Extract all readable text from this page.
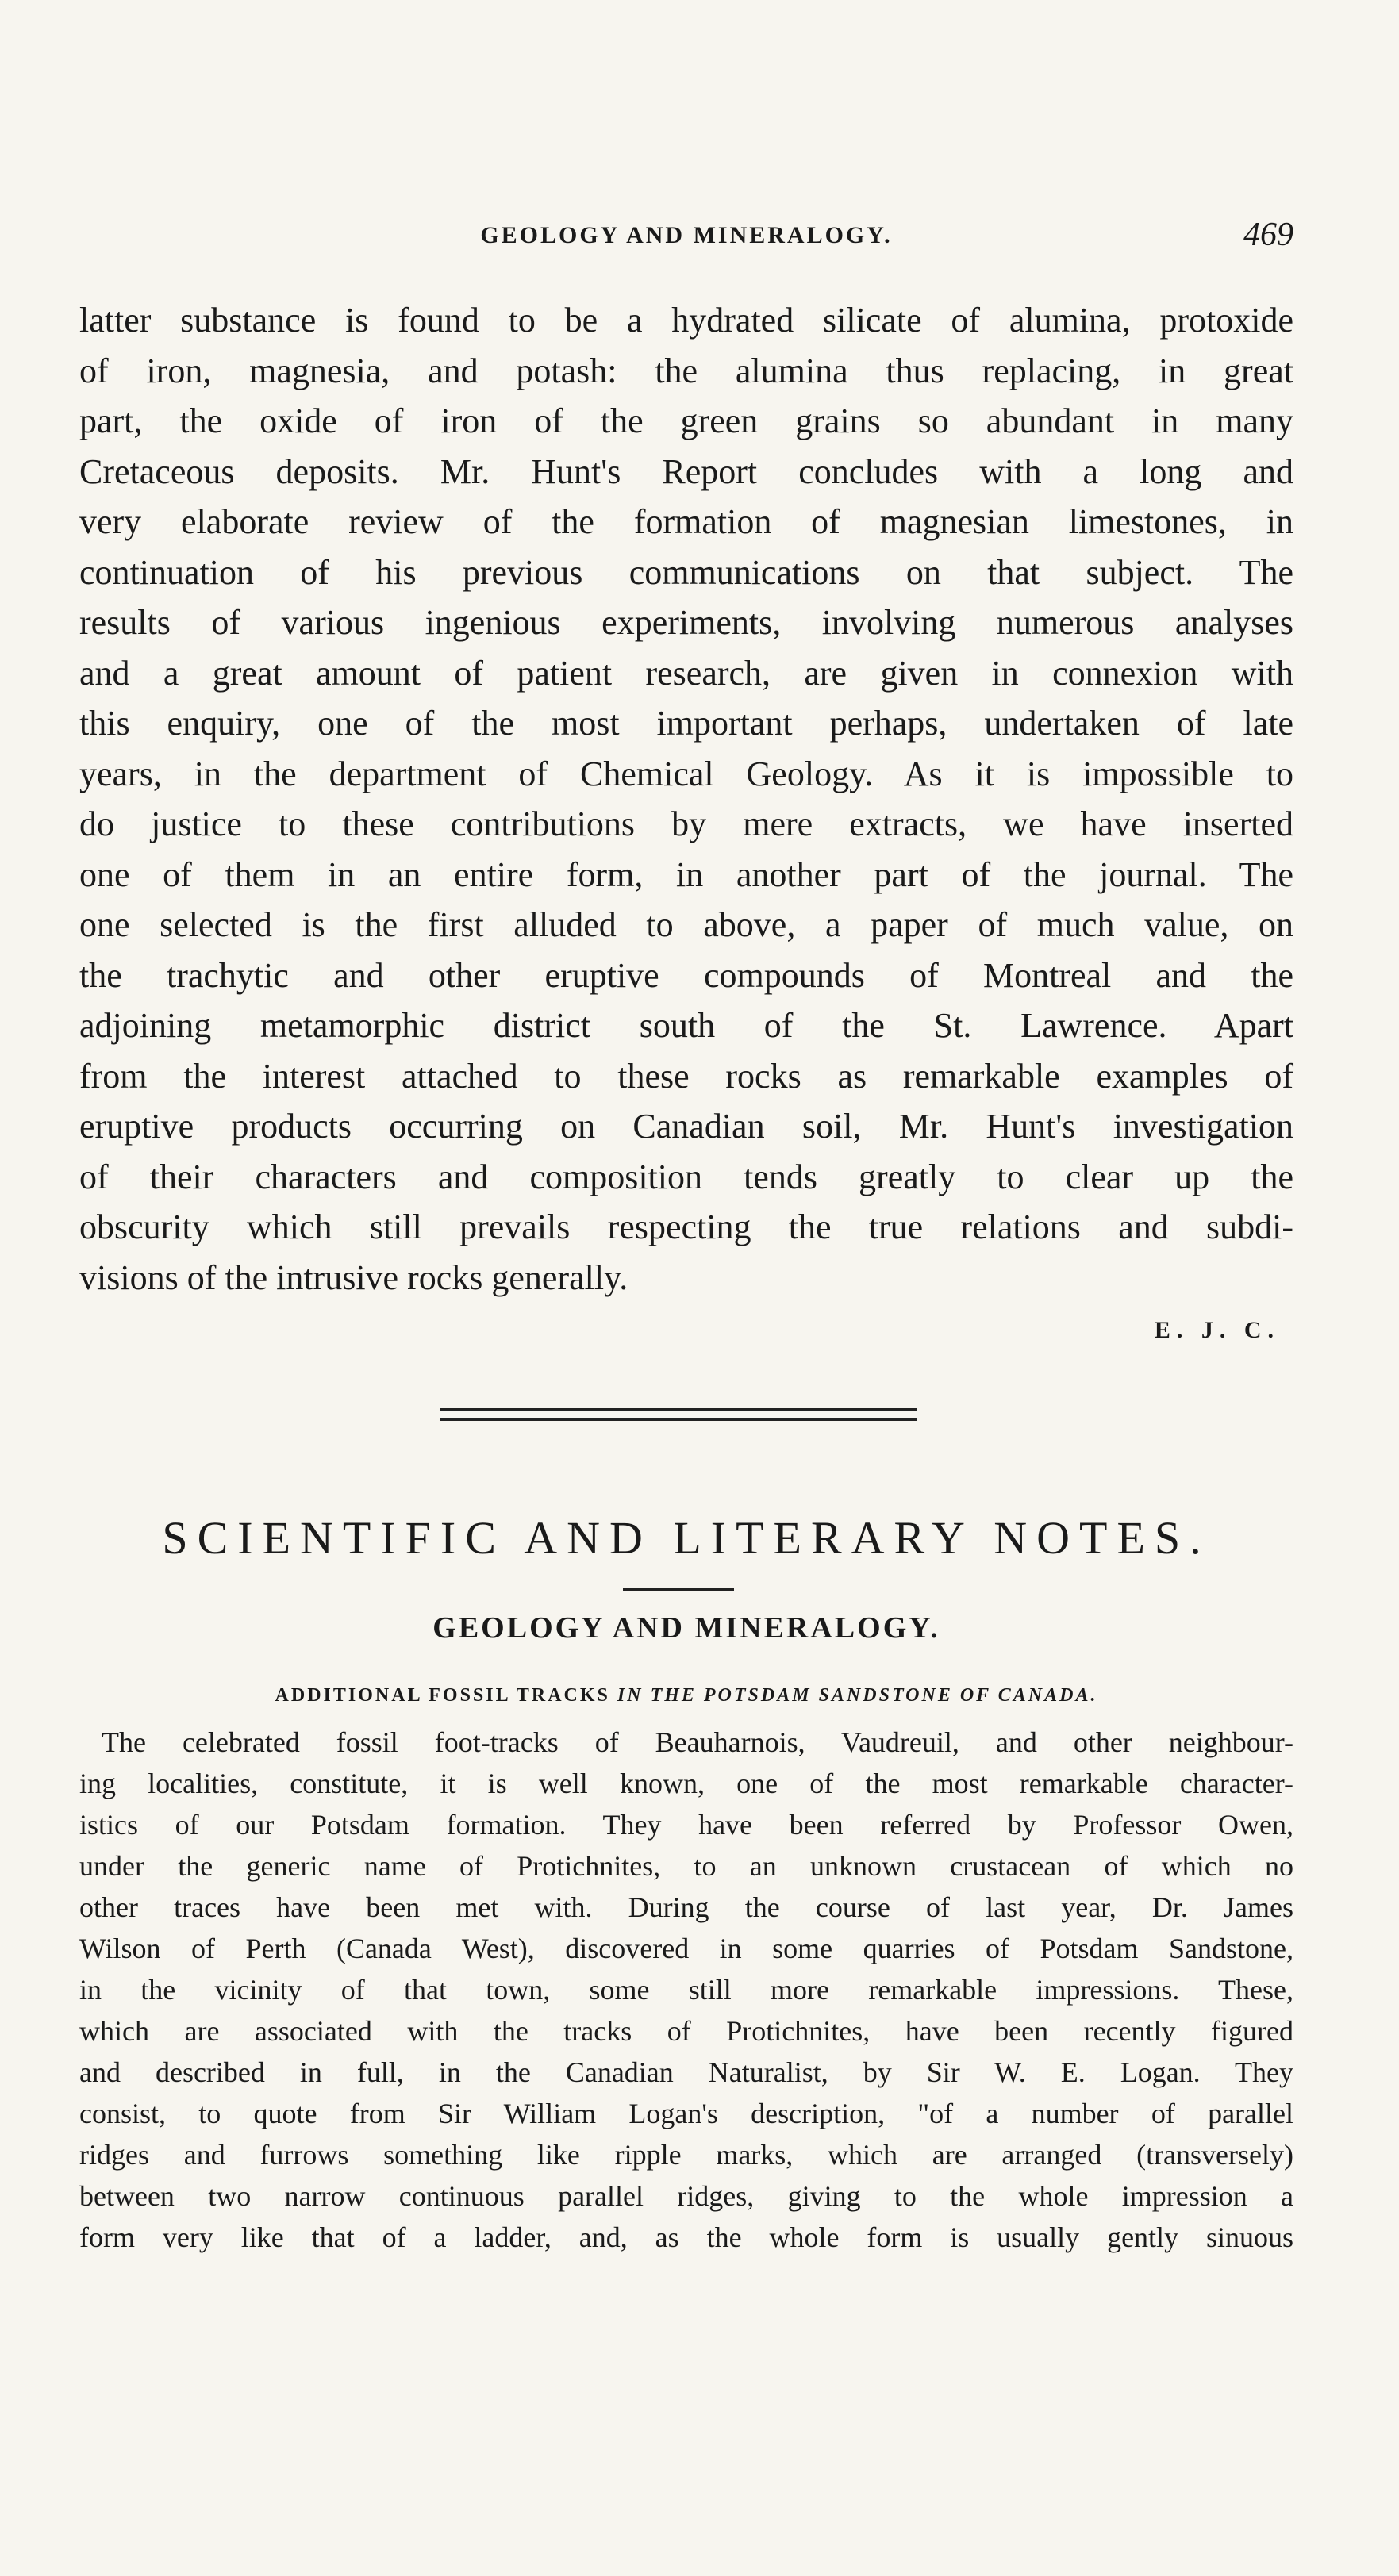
GEOLOGY AND MINERALOGY.	469
latter substance is found to be a hydrated silicate of alumina, protoxide
of iron, magnesia, and potash: the alumina thus replacing, in great
part, the oxide of iron of the green grains so abundant in many
Cretaceous deposits. Mr. Hunt's Report concludes with a long and
very elaborate review of the formation of magnesian limestones, in
continuation of his previous communications on that subject. The
results of various ingenious experiments, involving numerous analyses
and a great amount of patient research, are given in connexion with
this enquiry, one of the most important perhaps, undertaken of late
years, in the department of Chemical Geology. As it is impossible to
do justice to these contributions by mere extracts, we have inserted
one of them in an entire form, in another part of the journal. The
one selected is the first alluded to above, a paper of much value, on
the trachytic and other eruptive compounds of Montreal and the
adjoining metamorphic district south of the St. Lawrence. Apart
from the interest attached to these rocks as remarkable examples of
eruptive products occurring on Canadian soil, Mr. Hunt's investigation
of their characters and composition tends greatly to clear up the
obscurity which still prevails respecting the true relations and subdi-
visions of the intrusive rocks generally.
E. J. C.
SCIENTIFIC AND LITERARY NOTES.
GEOLOGY AND MINERALOGY.
ADDITIONAL FOSSIL TRACKS IN THE POTSDAM SANDSTONE OF CANADA.
The celebrated fossil foot-tracks of Beauharnois, Vaudreuil, and other neighbour-
ing localities, constitute, it is well known, one of the most remarkable character-
istics of our Potsdam formation. They have been referred by Professor Owen,
under the generic name of Protichnites, to an unknown crustacean of which no
other traces have been met with. During the course of last year, Dr. James
Wilson of Perth (Canada West), discovered in some quarries of Potsdam Sandstone,
in the vicinity of that town, some still more remarkable impressions. These,
which are associated with the tracks of Protichnites, have been recently figured
and described in full, in the Canadian Naturalist, by Sir W. E. Logan. They
consist, to quote from Sir William Logan's description, "of a number of parallel
ridges and furrows something like ripple marks, which are arranged (transversely)
between two narrow continuous parallel ridges, giving to the whole impression a
form very like that of a ladder, and, as the whole form is usually gently sinuous
